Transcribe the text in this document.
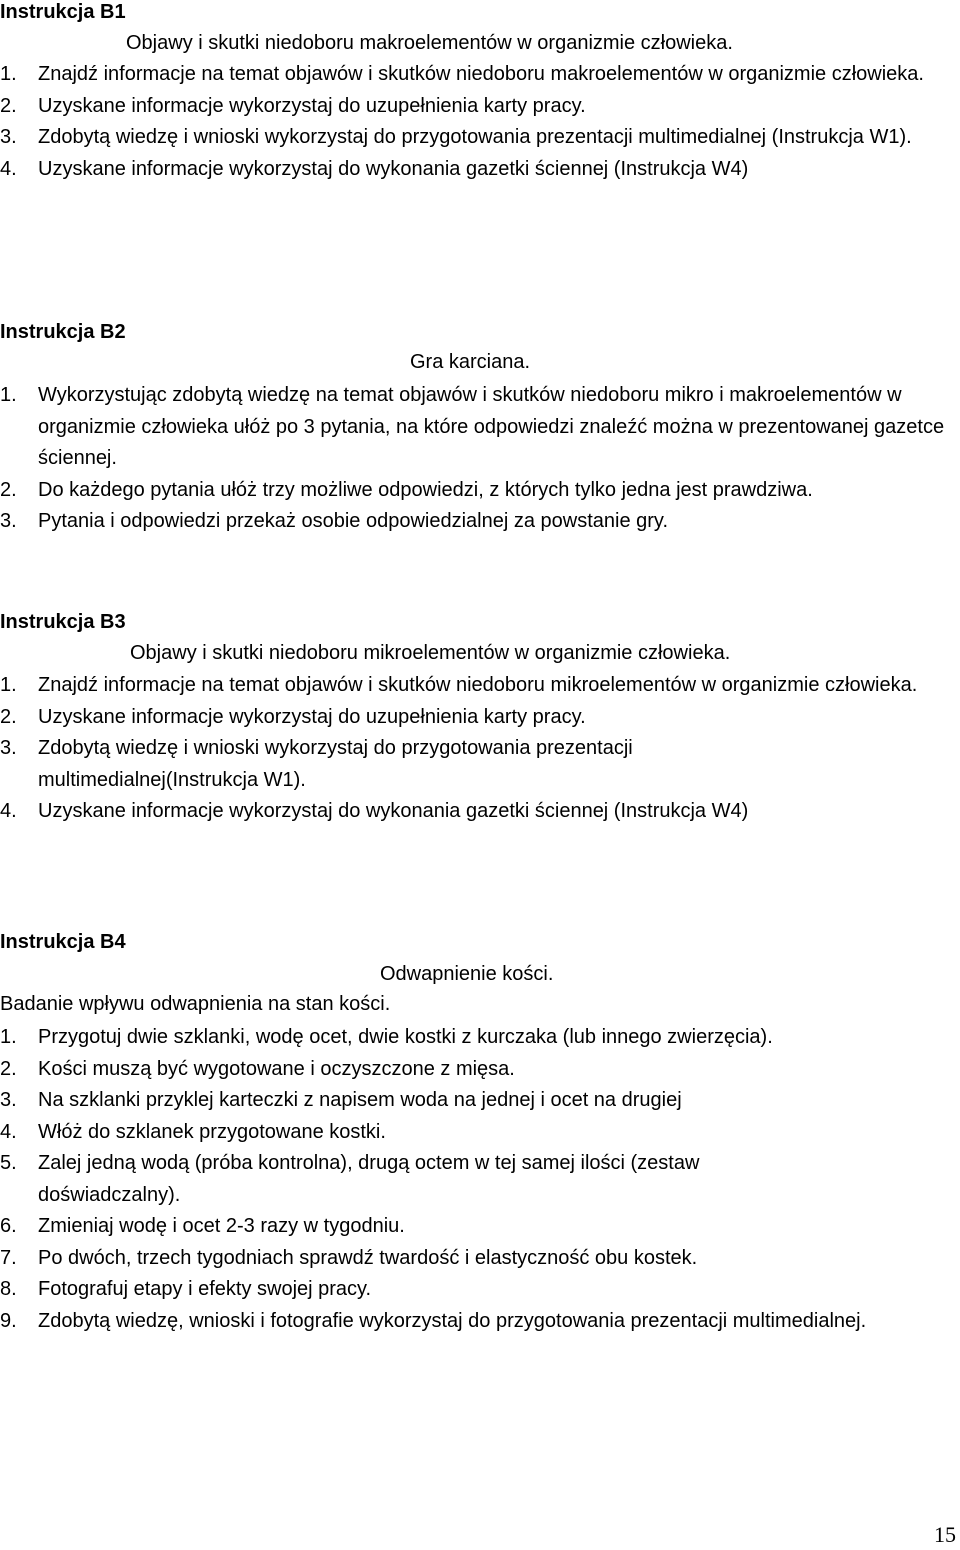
Instrukcja B1
Objawy i skutki niedoboru makroelementów w organizmie człowieka.
1. Znajdź informacje na temat objawów i skutków niedoboru makroelementów w organizmie człowieka.
2. Uzyskane informacje wykorzystaj do uzupełnienia karty pracy.
3. Zdobytą wiedzę i wnioski wykorzystaj do przygotowania prezentacji multimedialnej (Instrukcja W1).
4. Uzyskane informacje wykorzystaj do wykonania gazetki ściennej (Instrukcja W4)
Instrukcja B2
Gra karciana.
1. Wykorzystując zdobytą wiedzę na temat objawów i skutków niedoboru mikro i makroelementów w organizmie człowieka ułóż po 3 pytania, na które odpowiedzi znaleźć można w prezentowanej gazetce ściennej.
2. Do każdego pytania ułóż trzy możliwe odpowiedzi, z których tylko jedna jest prawdziwa.
3. Pytania i odpowiedzi przekaż osobie odpowiedzialnej za powstanie gry.
Instrukcja B3
Objawy i skutki niedoboru mikroelementów w organizmie człowieka.
1. Znajdź informacje na temat objawów i skutków niedoboru mikroelementów w organizmie człowieka.
2. Uzyskane informacje wykorzystaj do uzupełnienia karty pracy.
3. Zdobytą wiedzę i wnioski wykorzystaj do przygotowania prezentacji multimedialnej(Instrukcja W1).
4. Uzyskane informacje wykorzystaj do wykonania gazetki ściennej (Instrukcja W4)
Instrukcja B4
Odwapnienie kości.
Badanie wpływu odwapnienia na stan kości.
1. Przygotuj dwie szklanki, wodę ocet, dwie kostki z kurczaka (lub innego zwierzęcia).
2. Kości muszą być wygotowane i oczyszczone z mięsa.
3. Na szklanki przyklej karteczki z napisem woda na jednej i ocet na drugiej
4. Włóż do szklanek przygotowane kostki.
5. Zalej jedną wodą (próba kontrolna), drugą octem w tej samej ilości (zestaw doświadczalny).
6. Zmieniaj wodę i ocet 2-3 razy w tygodniu.
7. Po dwóch, trzech tygodniach sprawdź twardość i elastyczność obu kostek.
8. Fotografuj etapy i efekty swojej pracy.
9. Zdobytą wiedzę, wnioski i fotografie wykorzystaj do przygotowania prezentacji multimedialnej.
15
